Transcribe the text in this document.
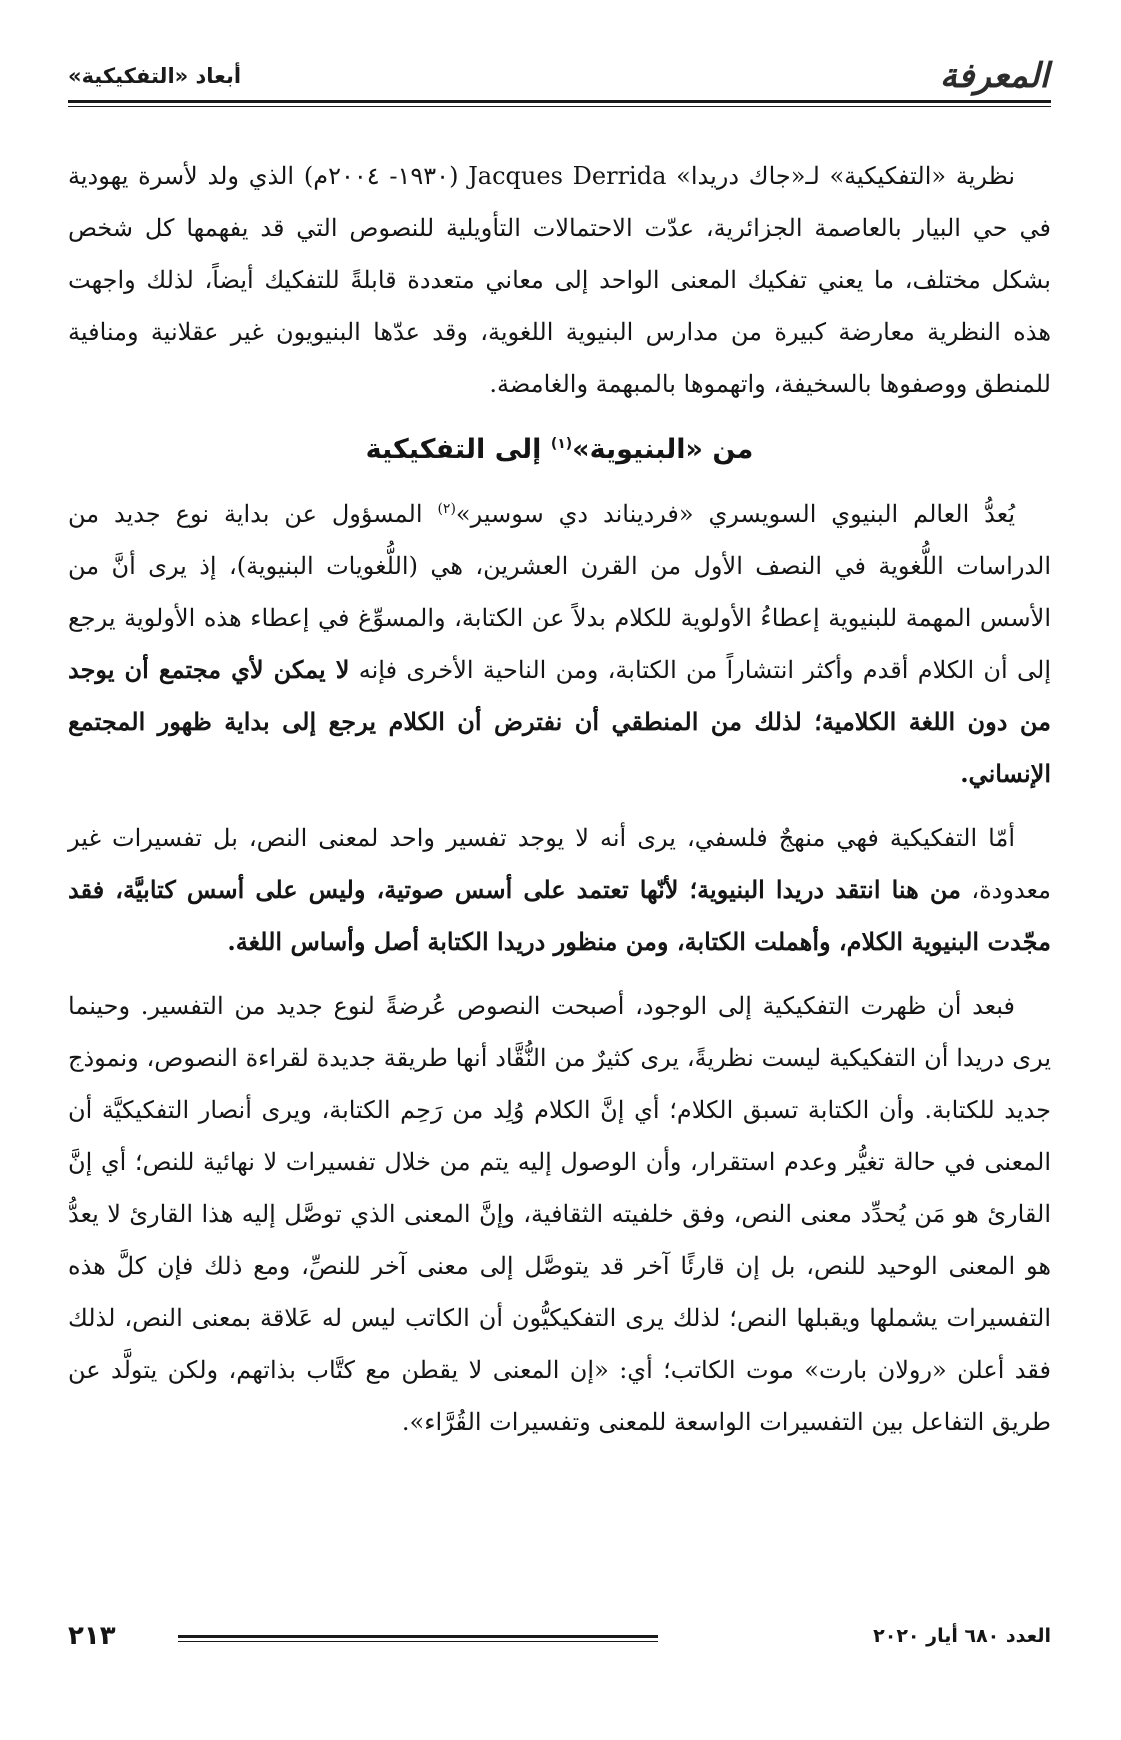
المعرفة
أبعاد «التفكيكية»

نظرية «التفكيكية» لـ«جاك دريدا» Jacques Derrida (١٩٣٠- ٢٠٠٤م) الذي ولد لأسرة يهودية في حي البيار بالعاصمة الجزائرية، عدّت الاحتمالات التأويلية للنصوص التي قد يفهمها كل شخص بشكل مختلف، ما يعني تفكيك المعنى الواحد إلى معاني متعددة قابلةً للتفكيك أيضاً، لذلك واجهت هذه النظرية معارضة كبيرة من مدارس البنيوية اللغوية، وقد عدّها البنيويون غير عقلانية ومنافية للمنطق ووصفوها بالسخيفة، واتهموها بالمبهمة والغامضة.

من «البنيوية»$^{(١)}$ إلى التفكيكية

يُعدُّ العالم البنيوي السويسري «فرديناند دي سوسير»$^{(٢)}$ المسؤول عن بداية نوع جديد من الدراسات اللُّغوية في النصف الأول من القرن العشرين، هي (اللُّغويات البنيوية)، إذ يرى أنَّ من الأسس المهمة للبنيوية إعطاءُ الأولوية للكلام بدلاً عن الكتابة، والمسوِّغ في إعطاء هذه الأولوية يرجع إلى أن الكلام أقدم وأكثر انتشاراً من الكتابة، ومن الناحية الأخرى فإنه لا يمكن لأي مجتمع أن يوجد من دون اللغة الكلامية؛ لذلك من المنطقي أن نفترض أن الكلام يرجع إلى بداية ظهور المجتمع الإنساني.

أمّا التفكيكية فهي منهجٌ فلسفي، يرى أنه لا يوجد تفسير واحد لمعنى النص، بل تفسيرات غير معدودة، من هنا انتقد دريدا البنيوية؛ لأنّها تعتمد على أسس صوتية، وليس على أسس كتابيَّة، فقد مجّدت البنيوية الكلام، وأهملت الكتابة، ومن منظور دريدا الكتابة أصل وأساس اللغة.

فبعد أن ظهرت التفكيكية إلى الوجود، أصبحت النصوص عُرضةً لنوع جديد من التفسير. وحينما يرى دريدا أن التفكيكية ليست نظريةً، يرى كثيرٌ من النُّقَّاد أنها طريقة جديدة لقراءة النصوص، ونموذج جديد للكتابة. وأن الكتابة تسبق الكلام؛ أي إنَّ الكلام وُلِد من رَحِم الكتابة، ويرى أنصار التفكيكيَّة أن المعنى في حالة تغيُّر وعدم استقرار، وأن الوصول إليه يتم من خلال تفسيرات لا نهائية للنص؛ أي إنَّ القارئ هو مَن يُحدِّد معنى النص، وفق خلفيته الثقافية، وإنَّ المعنى الذي توصَّل إليه هذا القارئ لا يعدُّ هو المعنى الوحيد للنص، بل إن قارئًا آخر قد يتوصَّل إلى معنى آخر للنصِّ، ومع ذلك فإن كلَّ هذه التفسيرات يشملها ويقبلها النص؛ لذلك يرى التفكيكيُّون أن الكاتب ليس له عَلاقة بمعنى النص، لذلك فقد أعلن «رولان بارت» موت الكاتب؛ أي: «إن المعنى لا يقطن مع كتَّاب بذاتهم، ولكن يتولَّد عن طريق التفاعل بين التفسيرات الواسعة للمعنى وتفسيرات القُرَّاء».

العدد ٦٨٠ أيار ٢٠٢٠
٢١٣
